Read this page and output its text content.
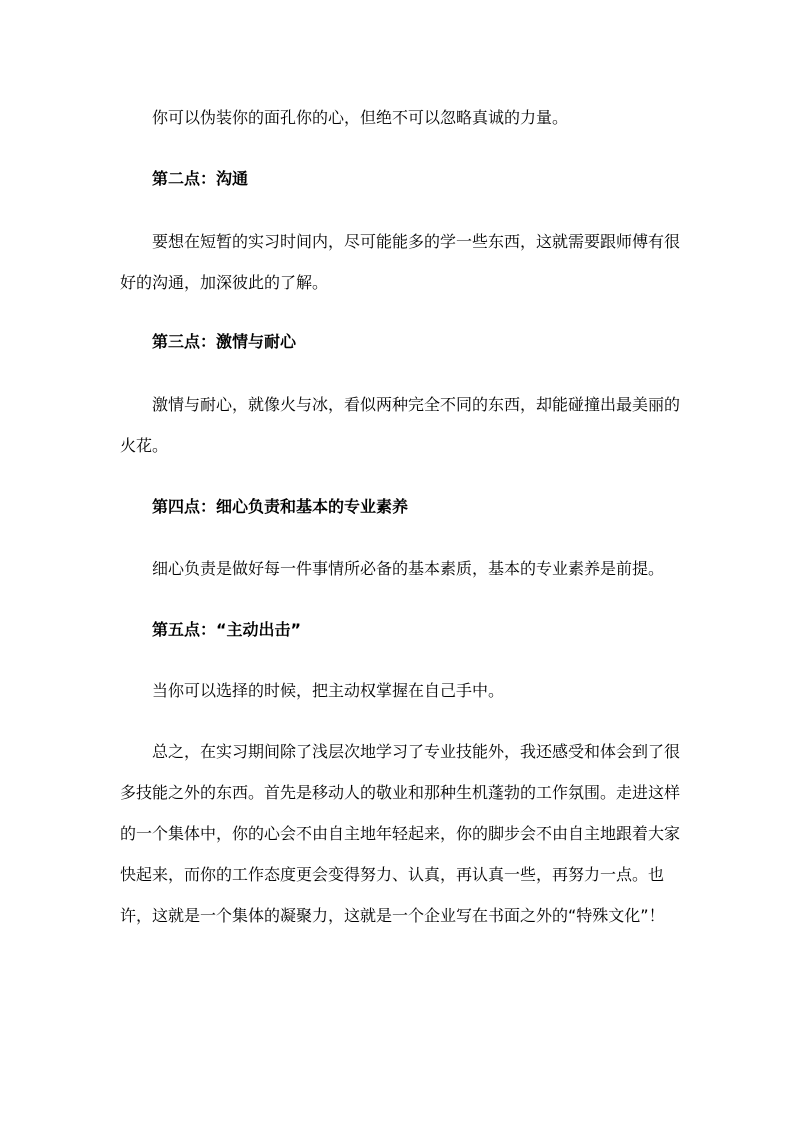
你可以伪装你的面孔你的心，但绝不可以忽略真诚的力量。

第二点：沟通

要想在短暂的实习时间内，尽可能能多的学一些东西，这就需要跟师傅有很好的沟通，加深彼此的了解。

第三点：激情与耐心

激情与耐心，就像火与冰，看似两种完全不同的东西，却能碰撞出最美丽的火花。

第四点：细心负责和基本的专业素养

细心负责是做好每一件事情所必备的基本素质，基本的专业素养是前提。

第五点：“主动出击”

当你可以选择的时候，把主动权掌握在自己手中。

总之，在实习期间除了浅层次地学习了专业技能外，我还感受和体会到了很多技能之外的东西。首先是移动人的敬业和那种生机蓬勃的工作氛围。走进这样的一个集体中，你的心会不由自主地年轻起来，你的脚步会不由自主地跟着大家快起来，而你的工作态度更会变得努力、认真，再认真一些，再努力一点。也许，这就是一个集体的凝聚力，这就是一个企业写在书面之外的“特殊文化”！
